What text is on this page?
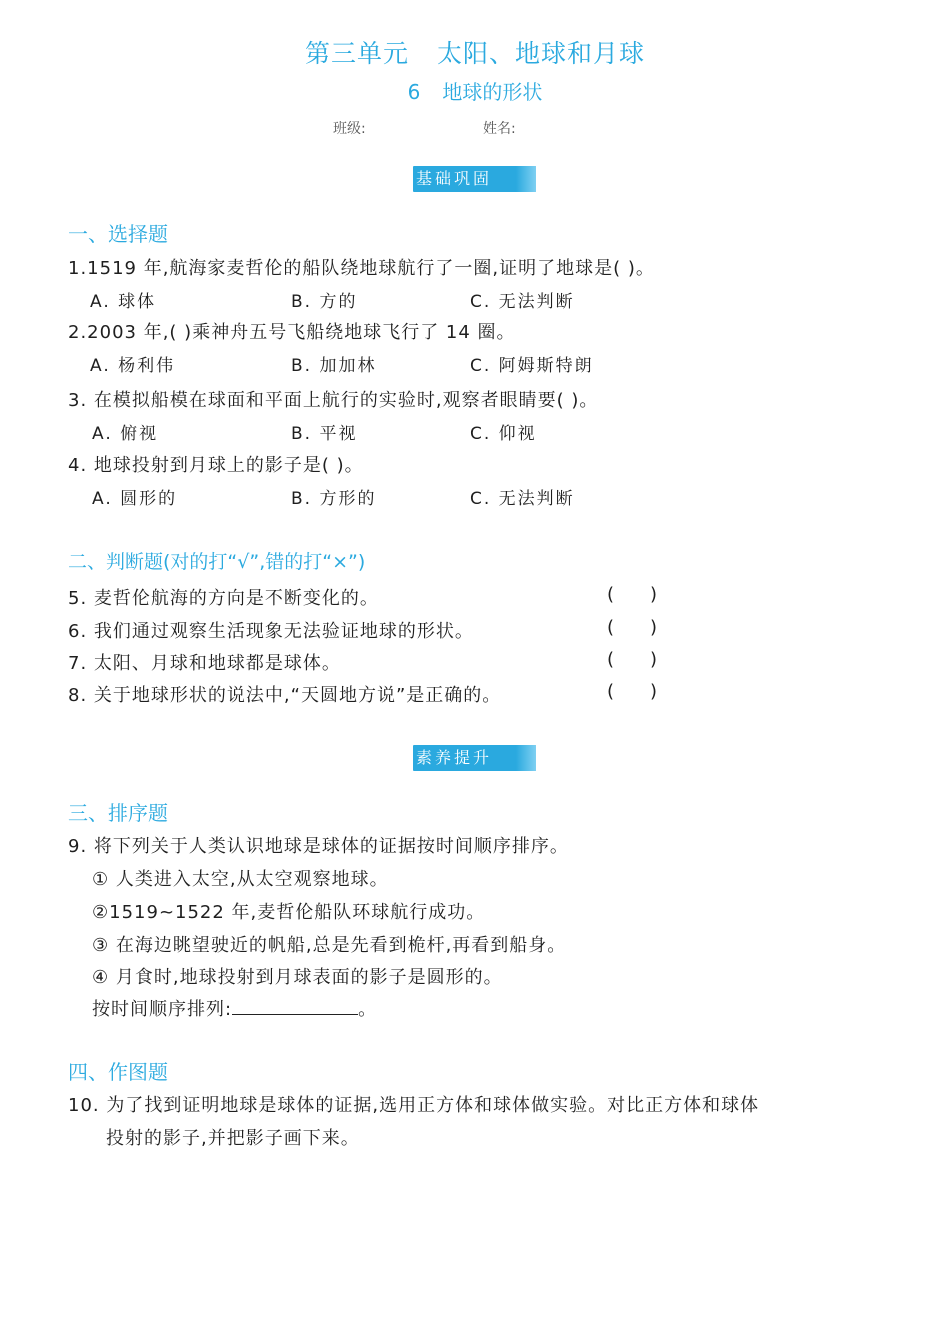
第三单元 太阳、地球和月球
6 地球的形状
班级:	姓名:
基础巩固
一、选择题
1.1519 年,航海家麦哲伦的船队绕地球航行了一圈,证明了地球是( )。
A. 球体	B. 方的	C. 无法判断
2.2003 年,( )乘神舟五号飞船绕地球飞行了 14 圈。
A. 杨利伟	B. 加加林	C. 阿姆斯特朗
3. 在模拟船模在球面和平面上航行的实验时,观察者眼睛要( )。
A. 俯视	B. 平视	C. 仰视
4. 地球投射到月球上的影子是( )。
A. 圆形的	B. 方形的	C. 无法判断
二、判断题(对的打“√”,错的打“×”)
5. 麦哲伦航海的方向是不断变化的。	( )
6. 我们通过观察生活现象无法验证地球的形状。	( )
7. 太阳、月球和地球都是球体。	( )
8. 关于地球形状的说法中,“天圆地方说”是正确的。	( )
素养提升
三、排序题
9. 将下列关于人类认识地球是球体的证据按时间顺序排序。
① 人类进入太空,从太空观察地球。
②1519~1522 年,麦哲伦船队环球航行成功。
③ 在海边眺望驶近的帆船,总是先看到桅杆,再看到船身。
④ 月食时,地球投射到月球表面的影子是圆形的。
按时间顺序排列:	。
四、作图题
10. 为了找到证明地球是球体的证据,选用正方体和球体做实验。对比正方体和球体
投射的影子,并把影子画下来。
